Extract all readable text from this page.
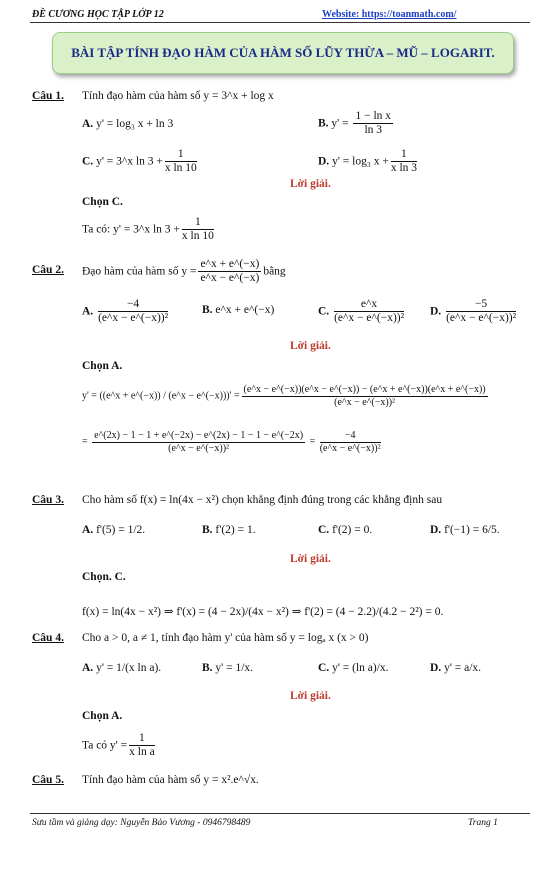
ĐỀ CƯƠNG HỌC TẬP LỚP 12	Website: https://toanmath.com/
BÀI TẬP TÍNH ĐẠO HÀM CỦA HÀM SỐ LŨY THỪA – MŨ – LOGARIT.
Câu 1. Tính đạo hàm của hàm số y = 3^x + log x
A. y' = log₃ x + ln 3	B. $y' = \frac{\text{1 − ln x}}{\ln 3}$
C. y' = 3^x $\ln 3 + \frac{1}{\text{x ln 10}}$	D. y' = log₃ $x + \frac{1}{\text{x ln 3}}$
Lời giải.
Chọn C.
Ta có: y' = 3^x $\ln 3 + \frac{1}{\text{x ln 10}}$
Câu 2. Đạo hàm của hàm số $y = \frac{e\^{}x + e\^{}(-x)}{e\^{}x - e\^{}(-x)}$ bằng
A. $\frac{-4}{\text{(e\textasciicircum{}x − e\textasciicircum{}(−x))²}}$	B. e^x + e^(−x)	C. $\frac{e\^{}x}{\text{(e\textasciicircum{}x − e\textasciicircum{}(−x))²}} D$. $\frac{-5}{\text{(e\textasciicircum{}x − e\textasciicircum{}(−x))²}}$
Lời giải.
Chọn A.
y' = ((e^x + e^(−x)) / (e^x − e^(−x)))' = $\frac{(e\^{}x - e\^{}(-x))(e\^{}x - e\^{}(-x)) - (e\^{}x + e\^{}(-x))(e\^{}x + e\^{}(-x))}{\text{(e\textasciicircum{}x − e\textasciicircum{}(−x))²}}$
= $\frac{e\^{}(2x) - 1 - 1 + e\^{}(-2x) - e\^{}(2x) - 1 - 1 - e\^{}(-2x)}{\text{(e\textasciicircum{}x − e\textasciicircum{}(−x))²}} = \frac{-4}{\text{(e\textasciicircum{}x − e\textasciicircum{}(−x))²}}$
Câu 3. Cho hàm số f(x) = ln(4x − x²) chọn khẳng định đúng trong các khẳng định sau
A. f'(5) = 1/2.	B. f'(2) = 1.	C. f'(2) = 0.	D. f'(−1) = 6/5.
Lời giải.
Chọn. C.
f(x) = ln(4x − x²) ⇒ f'(x) = (4 − 2x)/(4x − x²) ⇒ f'(2) = (4 − 2.2)/(4.2 − 2²) = 0.
Câu 4. Cho a > 0, a ≠ 1, tính đạo hàm y' của hàm số y = logₐ x (x > 0)
A. y' = 1/(x ln a).	B. y' = 1/x.	C. y' = (ln a)/x.	D. y' = a/x.
Lời giải.
Chọn A.
Ta có $y' = \frac{1}{\text{x ln a}}$
Câu 5. Tính đạo hàm của hàm số y = x².e^√x.
Sưu tầm và giảng dạy: Nguyễn Bảo Vương - 0946798489	Trang 1
